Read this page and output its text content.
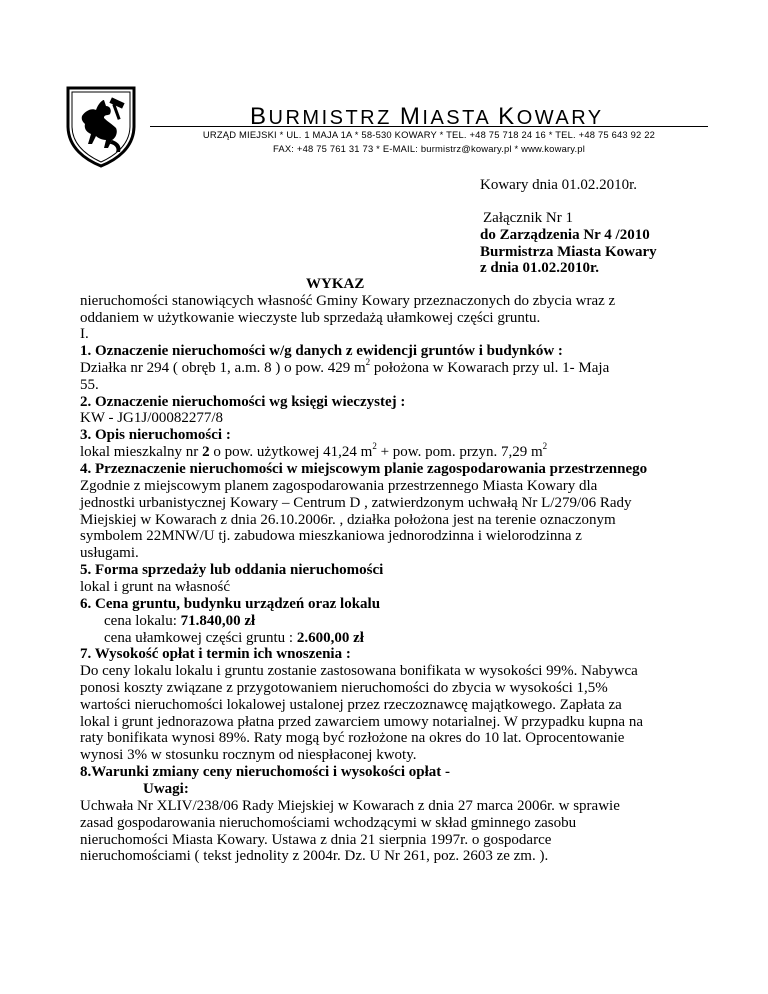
BURMISTRZ MIASTA KOWARY
URZĄD MIEJSKI * UL. 1 MAJA 1A * 58-530 KOWARY * TEL. +48 75 718 24 16 * TEL. +48 75 643 92 22
FAX: +48 75 761 31 73 * E-MAIL: burmistrz@kowary.pl * www.kowary.pl
Kowary dnia 01.02.2010r.
Załącznik Nr 1
do Zarządzenia Nr 4 /2010
Burmistrza Miasta Kowary
z dnia 01.02.2010r.
WYKAZ
nieruchomości stanowiących własność Gminy Kowary przeznaczonych do zbycia wraz z
oddaniem w użytkowanie wieczyste lub sprzedażą ułamkowej części gruntu.
I.
1. Oznaczenie nieruchomości w/g danych z ewidencji gruntów i budynków :
Działka nr 294 ( obręb 1, a.m. 8 ) o pow. 429 $m^2$ położona w Kowarach przy ul. 1- Maja
55.
2. Oznaczenie nieruchomości wg księgi wieczystej :
KW - JG1J/00082277/8
3. Opis nieruchomości :
lokal mieszkalny nr 2 o pow. użytkowej 41,24 $m^2$ + pow. pom. przyn. 7,29 $m^2$
4. Przeznaczenie nieruchomości w miejscowym planie zagospodarowania przestrzennego
Zgodnie z miejscowym planem zagospodarowania przestrzennego Miasta Kowary dla
jednostki urbanistycznej Kowary – Centrum D , zatwierdzonym uchwałą Nr L/279/06 Rady
Miejskiej w Kowarach z dnia 26.10.2006r. , działka położona jest na terenie oznaczonym
symbolem 22MNW/U tj. zabudowa mieszkaniowa jednorodzinna i wielorodzinna z
usługami.
5. Forma sprzedaży lub oddania nieruchomości
lokal i grunt na własność
6. Cena gruntu, budynku urządzeń oraz lokalu
cena lokalu: 71.840,00 zł
cena ułamkowej części gruntu : 2.600,00 zł
7. Wysokość opłat i termin ich wnoszenia :
Do ceny lokalu lokalu i gruntu zostanie zastosowana bonifikata w wysokości 99%. Nabywca
ponosi koszty związane z przygotowaniem nieruchomości do zbycia w wysokości 1,5%
wartości nieruchomości lokalowej ustalonej przez rzeczoznawcę majątkowego. Zapłata za
lokal i grunt jednorazowa płatna przed zawarciem umowy notarialnej. W przypadku kupna na
raty bonifikata wynosi 89%. Raty mogą być rozłożone na okres do 10 lat. Oprocentowanie
wynosi 3% w stosunku rocznym od niespłaconej kwoty.
8.Warunki zmiany ceny nieruchomości i wysokości opłat -
Uwagi:
Uchwała Nr XLIV/238/06 Rady Miejskiej w Kowarach z dnia 27 marca 2006r. w sprawie
zasad gospodarowania nieruchomościami wchodzącymi w skład gminnego zasobu
nieruchomości Miasta Kowary. Ustawa z dnia 21 sierpnia 1997r. o gospodarce
nieruchomościami ( tekst jednolity z 2004r. Dz. U Nr 261, poz. 2603 ze zm. ).
